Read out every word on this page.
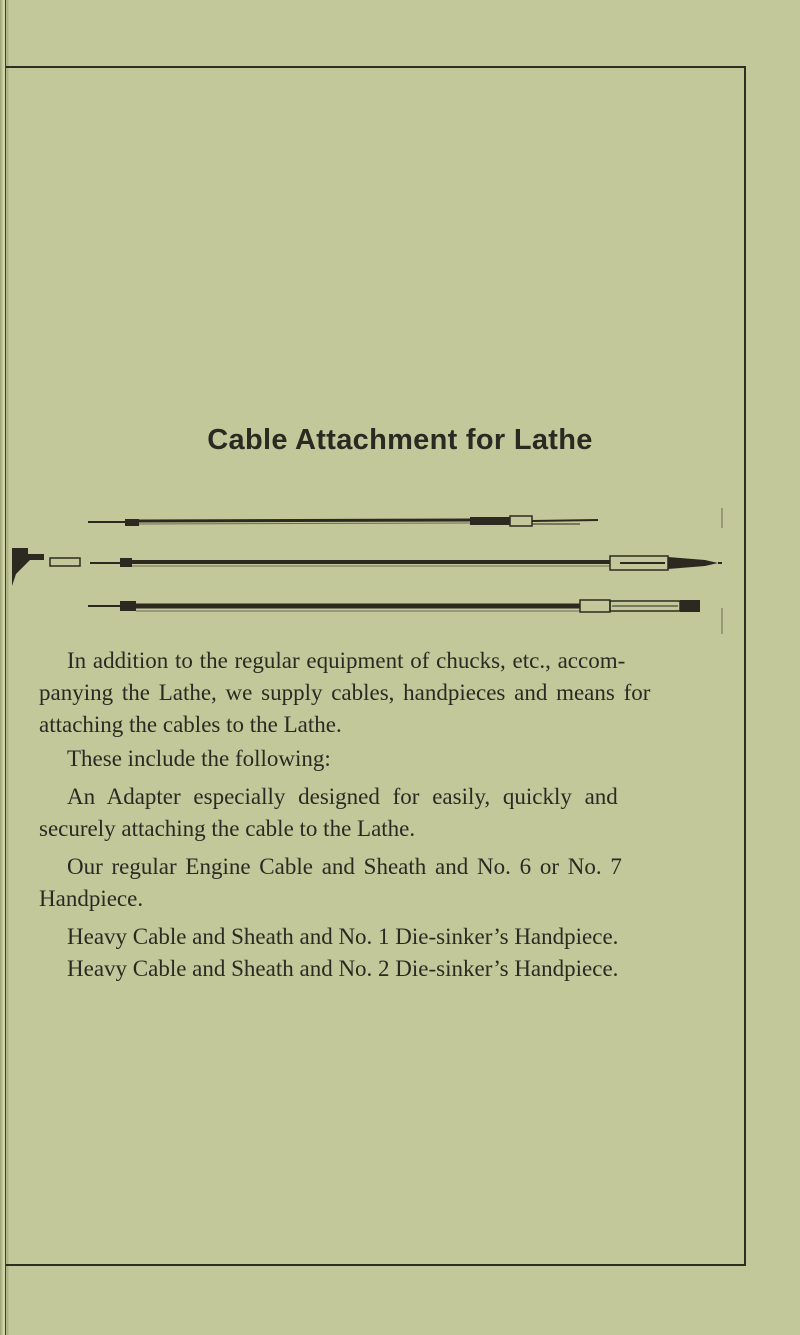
Cable Attachment for Lathe
In addition to the regular equipment of chucks, etc., accom-
panying the Lathe, we supply cables, handpieces and means for
attaching the cables to the Lathe.
These include the following:
An Adapter especially designed for easily, quickly and
securely attaching the cable to the Lathe.
Our regular Engine Cable and Sheath and No. 6 or No. 7
Handpiece.
Heavy Cable and Sheath and No. 1 Die-sinker’s Handpiece.
Heavy Cable and Sheath and No. 2 Die-sinker’s Handpiece.
